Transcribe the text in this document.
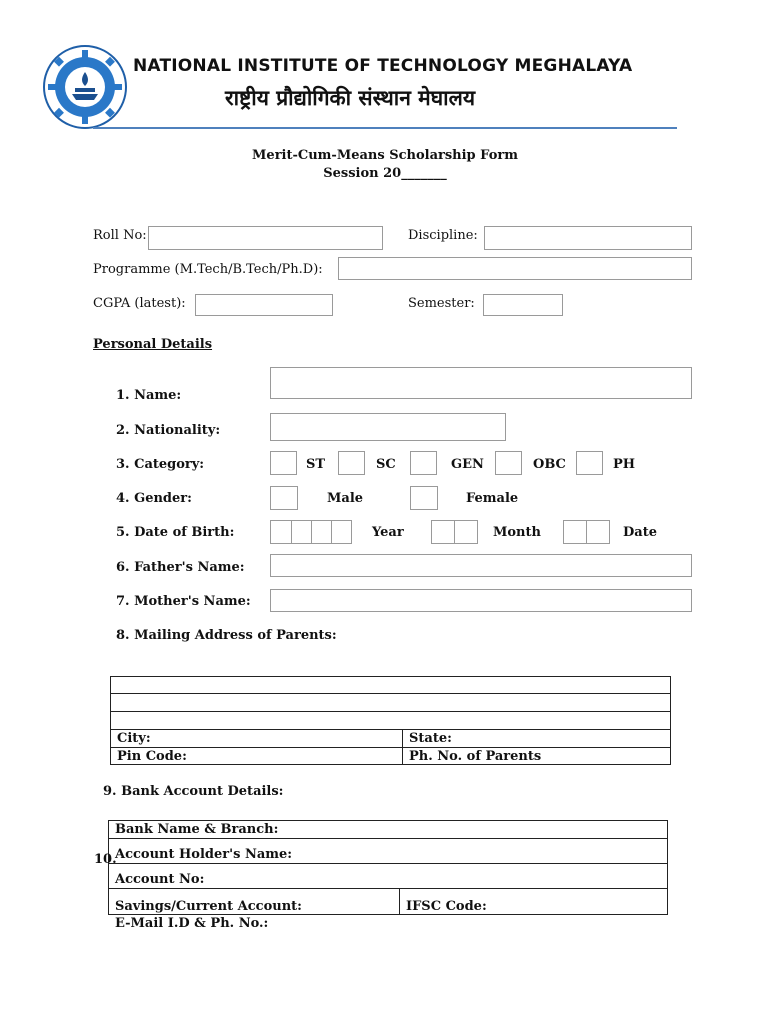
NATIONAL INSTITUTE OF TECHNOLOGY MEGHALAYA
राष्ट्रीय प्रौद्योगिकी संस्थान मेघालय
Merit-Cum-Means Scholarship Form
Session 20_______
Roll No:	Discipline:
Programme (M.Tech/B.Tech/Ph.D):
CGPA (latest):	Semester:
Personal Details
1. Name:
2. Nationality:
3. Category:	ST	SC	GEN	OBC	PH
4. Gender:	Male	Female
5. Date of Birth:	Year	Month	Date
6. Father's Name:
7. Mother's Name:
8. Mailing Address of Parents:
City:	State:
Pin Code:	Ph. No. of Parents
9. Bank Account Details:
Bank Name & Branch:
Account Holder's Name:
Account No:
Savings/Current Account:	IFSC Code:
10.
E-Mail I.D & Ph. No.:
